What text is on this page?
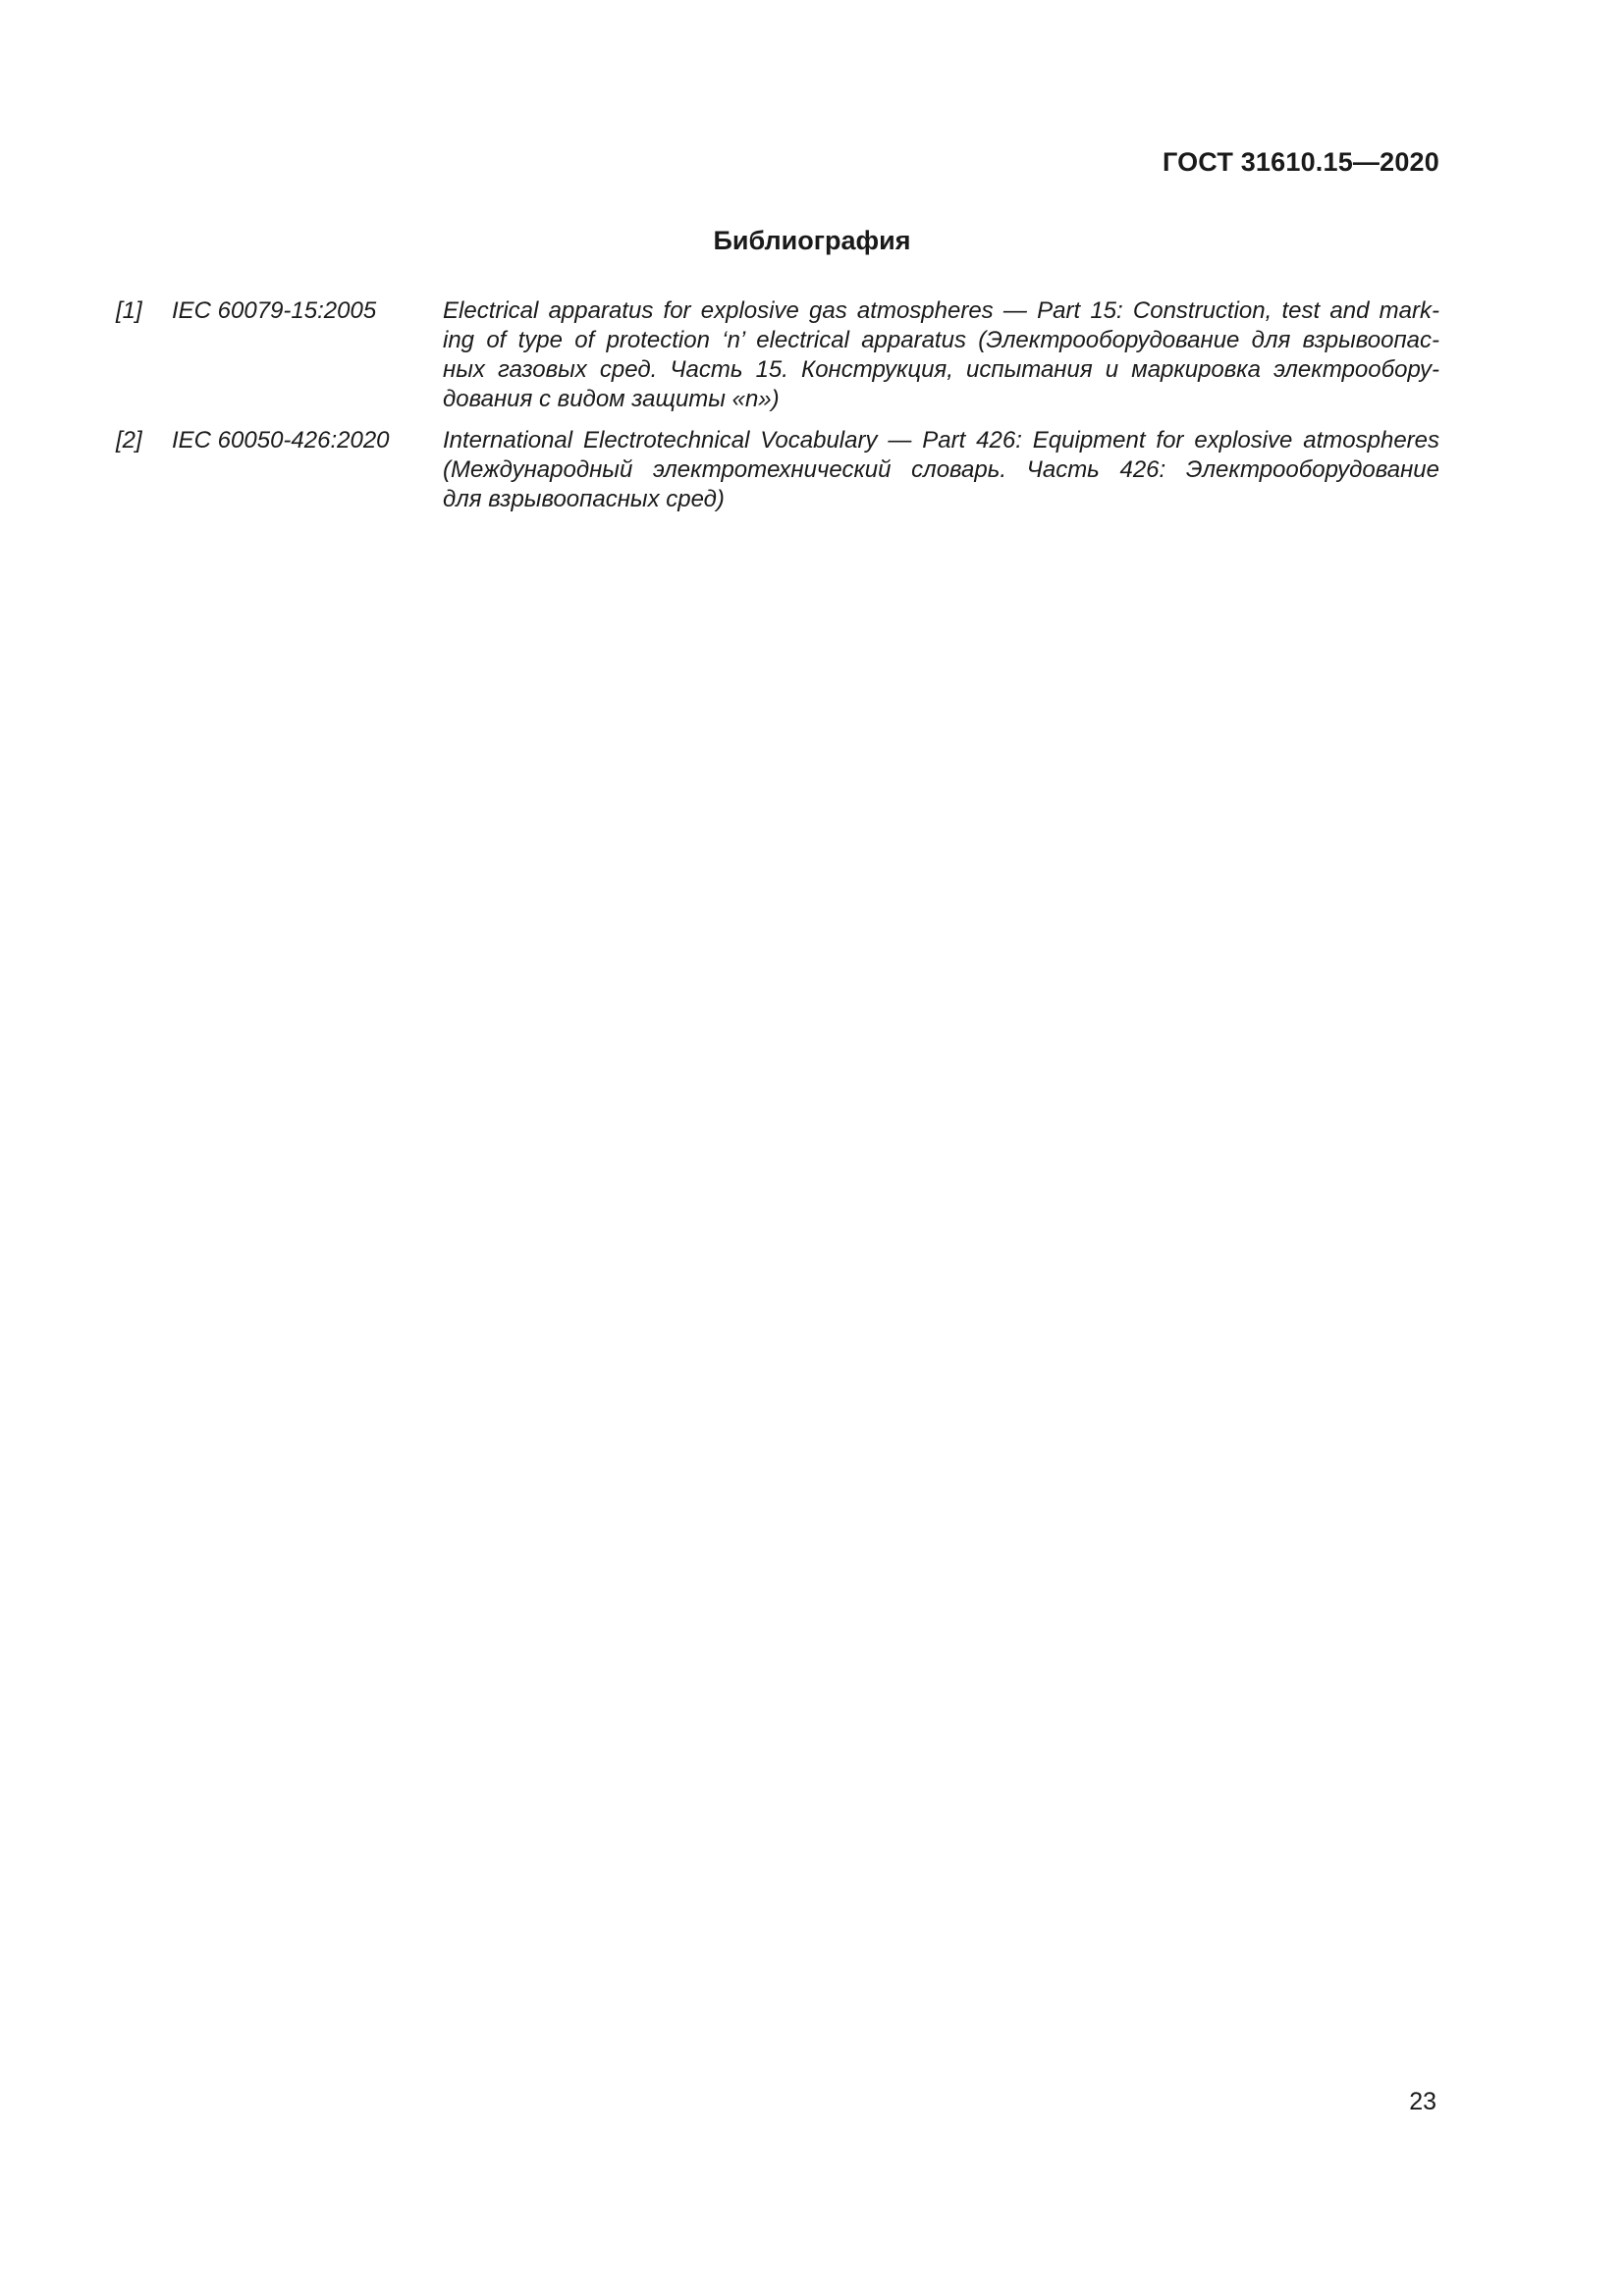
ГОСТ 31610.15—2020
Библиография
[1]	IEC 60079-15:2005	Electrical apparatus for explosive gas atmospheres — Part 15: Construction, test and mark-
ing of type of protection ‘n’ electrical apparatus (Электрооборудование для взрывоопас-
ных газовых сред. Часть 15. Конструкция, испытания и маркировка электрообору-
дования с видом защиты «n»)
[2]	IEC 60050-426:2020	International Electrotechnical Vocabulary — Part 426: Equipment for explosive atmospheres
(Международный электротехнический словарь. Часть 426: Электрооборудование
для взрывоопасных сред)
23
